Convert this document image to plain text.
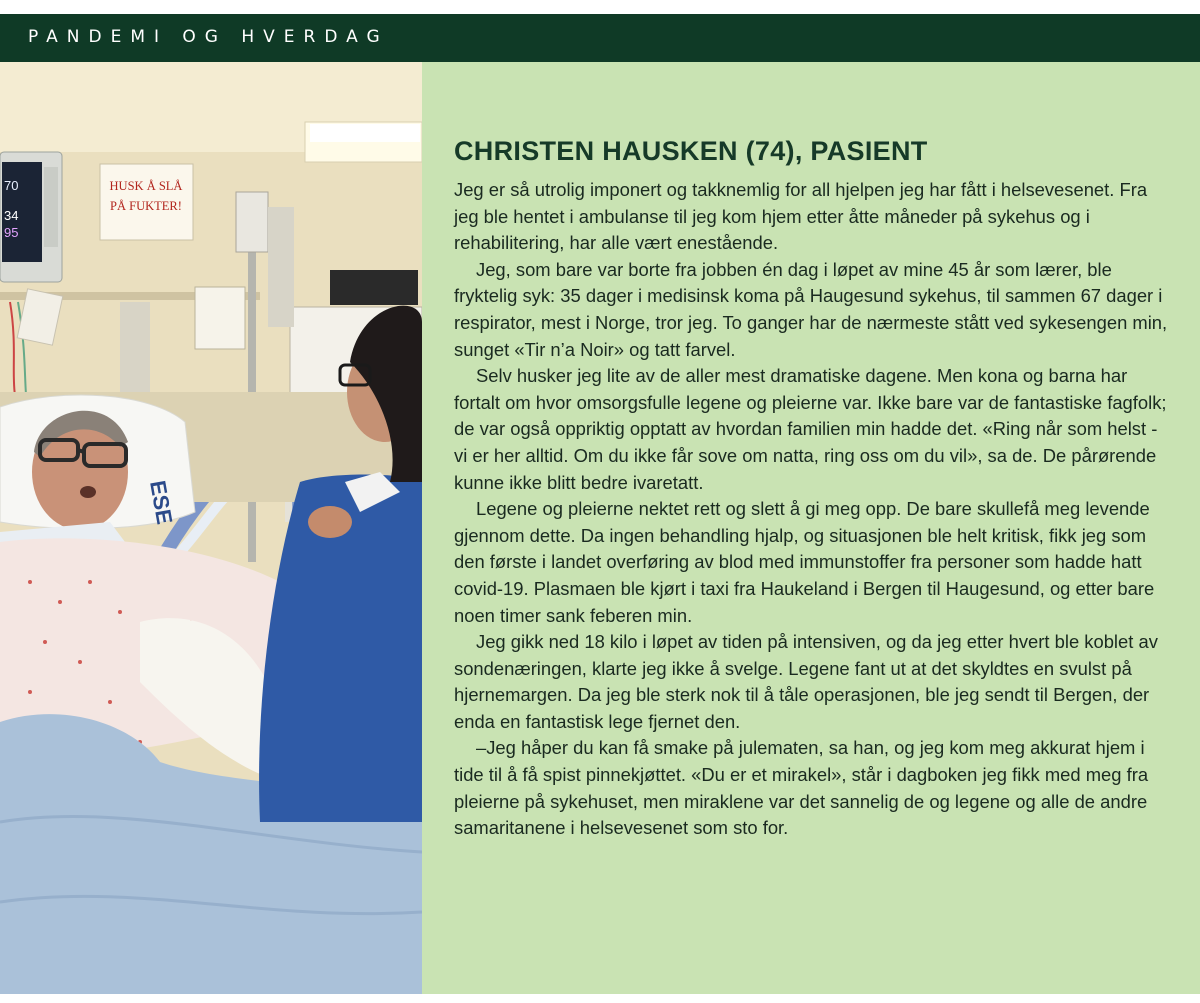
PANDEMI OG HVERDAG
70
34
95
HUSK Å SLÅ
PÅ FUKTER!
ESE
CHRISTEN HAUSKEN (74), PASIENT

Jeg er så utrolig imponert og takknemlig for all hjelpen jeg har fått i helsevesenet. Fra jeg ble hentet i ambulanse til jeg kom hjem etter åtte måneder på sykehus og i rehabilitering, har alle vært enestående.

Jeg, som bare var borte fra jobben én dag i løpet av mine 45 år som lærer, ble fryktelig syk: 35 dager i medisinsk koma på Haugesund sykehus, til sammen 67 dager i respirator, mest i Norge, tror jeg. To ganger har de nærmeste stått ved sykesengen min, sunget «Tir n’a Noir» og tatt farvel.

Selv husker jeg lite av de aller mest dramatiske dagene. Men kona og barna har fortalt om hvor omsorgsfulle legene og pleierne var. Ikke bare var de fantastiske fagfolk; de var også oppriktig opptatt av hvordan familien min hadde det. «Ring når som helst - vi er her alltid. Om du ikke får sove om natta, ring oss om du vil», sa de. De pårørende kunne ikke blitt bedre ivaretatt.

Legene og pleierne nektet rett og slett å gi meg opp. De bare skullefå meg levende gjennom dette. Da ingen behandling hjalp, og situasjonen ble helt kritisk, fikk jeg som den første i landet overføring av blod med immunstoffer fra personer som hadde hatt covid-19. Plasmaen ble kjørt i taxi fra Haukeland i Bergen til Haugesund, og etter bare noen timer sank feberen min.

Jeg gikk ned 18 kilo i løpet av tiden på intensiven, og da jeg etter hvert ble koblet av sondenæringen, klarte jeg ikke å svelge. Legene fant ut at det skyldtes en svulst på hjernemargen. Da jeg ble sterk nok til å tåle operasjonen, ble jeg sendt til Bergen, der enda en fantastisk lege fjernet den.

–Jeg håper du kan få smake på julematen, sa han, og jeg kom meg akkurat hjem i tide til å få spist pinnekjøttet. «Du er et mirakel», står i dagboken jeg fikk med meg fra pleierne på sykehuset, men miraklene var det sannelig de og legene og alle de andre samaritanene i helsevesenet som sto for.
